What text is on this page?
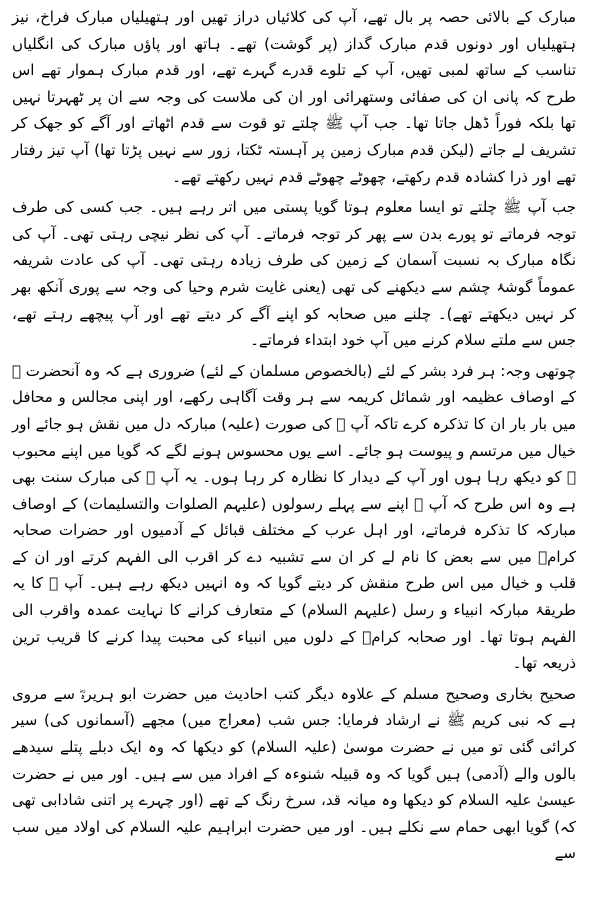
مبارک کے بالائی حصہ پر بال تھے، آپ کی کلائیاں دراز تھیں اور ہتھیلیاں مبارک فراخ، نیز ہتھیلیاں اور دونوں قدم مبارک گداز (پر گوشت) تھے۔ ہاتھ اور پاؤں مبارک کی انگلیاں تناسب کے ساتھ لمبی تھیں، آپ کے تلوے قدرے گہرے تھے، اور قدم مبارک ہموار تھے اس طرح کہ پانی ان کی صفائی وستھرائی اور ان کی ملاست کی وجہ سے ان پر ٹھہرتا نہیں تھا بلکہ فوراً ڈھل جاتا تھا۔ جب آپ ﷺ چلتے تو قوت سے قدم اٹھاتے اور آگے کو جھک کر تشریف لے جاتے (لیکن قدم مبارک زمین پر آہستہ ٹکتا، زور سے نہیں پڑتا تھا) آپ تیز رفتار تھے اور ذرا کشادہ قدم رکھتے، چھوٹے چھوٹے قدم نہیں رکھتے تھے۔

جب آپ ﷺ چلتے تو ایسا معلوم ہوتا گویا پستی میں اتر رہے ہیں۔ جب کسی کی طرف توجہ فرماتے تو پورے بدن سے پھر کر توجہ فرماتے۔ آپ کی نظر نیچی رہتی تھی۔ آپ کی نگاہ مبارک بہ نسبت آسمان کے زمین کی طرف زیادہ رہتی تھی۔ آپ کی عادت شریفہ عموماً گوشۂ چشم سے دیکھنے کی تھی (یعنی غایت شرم وحیا کی وجہ سے پوری آنکھ بھر کر نہیں دیکھتے تھے)۔ چلنے میں صحابہ کو اپنے آگے کر دیتے تھے اور آپ پیچھے رہتے تھے، جس سے ملتے سلام کرنے میں آپ خود ابتداء فرماتے۔

چوتھی وجہ: ہر فرد بشر کے لئے (بالخصوص مسلمان کے لئے) ضروری ہے کہ وہ آنحضرت ﷺ کے اوصاف عظیمہ اور شمائل کریمہ سے ہر وقت آگاہی رکھے، اور اپنی مجالس و محافل میں بار بار ان کا تذکرہ کرے تاکہ آپ ﷺ کی صورت (علیہ) مبارکہ دل میں نقش ہو جائے اور خیال میں مرتسم و پیوست ہو جائے۔ اسے یوں محسوس ہونے لگے کہ گویا میں اپنے محبوب ﷺ کو دیکھ رہا ہوں اور آپ کے دیدار کا نظارہ کر رہا ہوں۔ یہ آپ ﷺ کی مبارک سنت بھی ہے وہ اس طرح کہ آپ ﷺ اپنے سے پہلے رسولوں (علیہم الصلوات والتسلیمات) کے اوصاف مبارکہ کا تذکرہ فرماتے، اور اہل عرب کے مختلف قبائل کے آدمیوں اور حضرات صحابہ کرامؓ میں سے بعض کا نام لے کر ان سے تشبیہ دے کر اقرب الی الفہم کرتے اور ان کے قلب و خیال میں اس طرح منقش کر دیتے گویا کہ وہ انہیں دیکھ رہے ہیں۔ آپ ﷺ کا یہ طریقۂ مبارکہ انبیاء و رسل (علیہم السلام) کے متعارف کرانے کا نہایت عمدہ واقرب الی الفہم ہوتا تھا۔ اور صحابہ کرامؓ کے دلوں میں انبیاء کی محبت پیدا کرنے کا قریب ترین ذریعہ تھا۔

صحیح بخاری وصحیح مسلم کے علاوہ دیگر کتب احادیث میں حضرت ابو ہریرہؓ سے مروی ہے کہ نبی کریم ﷺ نے ارشاد فرمایا: جس شب (معراج میں) مجھے (آسمانوں کی) سیر کرائی گئی تو میں نے حضرت موسیٰ (علیہ السلام) کو دیکھا کہ وہ ایک دبلے پتلے سیدھے بالوں والے (آدمی) ہیں گویا کہ وہ قبیلہ شنوءہ کے افراد میں سے ہیں۔ اور میں نے حضرت عیسیٰ علیہ السلام کو دیکھا وہ میانہ قد، سرخ رنگ کے تھے (اور چہرے پر اتنی شادابی تھی کہ) گویا ابھی حمام سے نکلے ہیں۔ اور میں حضرت ابراہیم علیہ السلام کی اولاد میں سب سے
